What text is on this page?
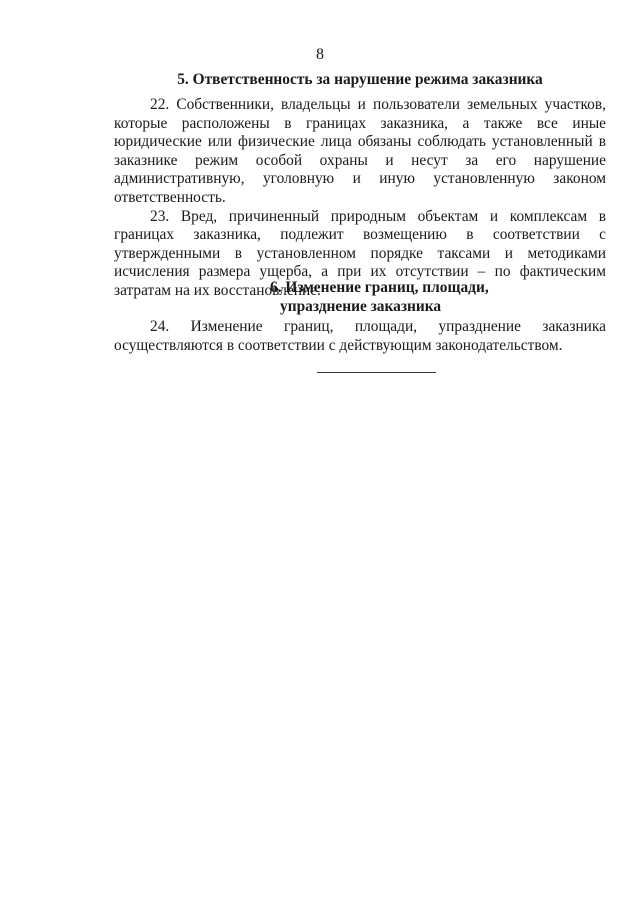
8
5. Ответственность за нарушение режима заказника

22. Собственники, владельцы и пользователи земельных участков, которые расположены в границах заказника, а также все иные юридические или физические лица обязаны соблюдать установленный в заказнике режим особой охраны и несут за его нарушение административную, уголовную и иную установленную законом ответственность.

23. Вред, причиненный природным объектам и комплексам в границах заказника, подлежит возмещению в соответствии с утвержденными в установленном порядке таксами и методиками исчисления размера ущерба, а при их отсутствии – по фактическим затратам на их восстановление.

6. Изменение границ, площади,
упразднение заказника

24. Изменение границ, площади, упразднение заказника осуществляются в соответствии с действующим законодательством.
